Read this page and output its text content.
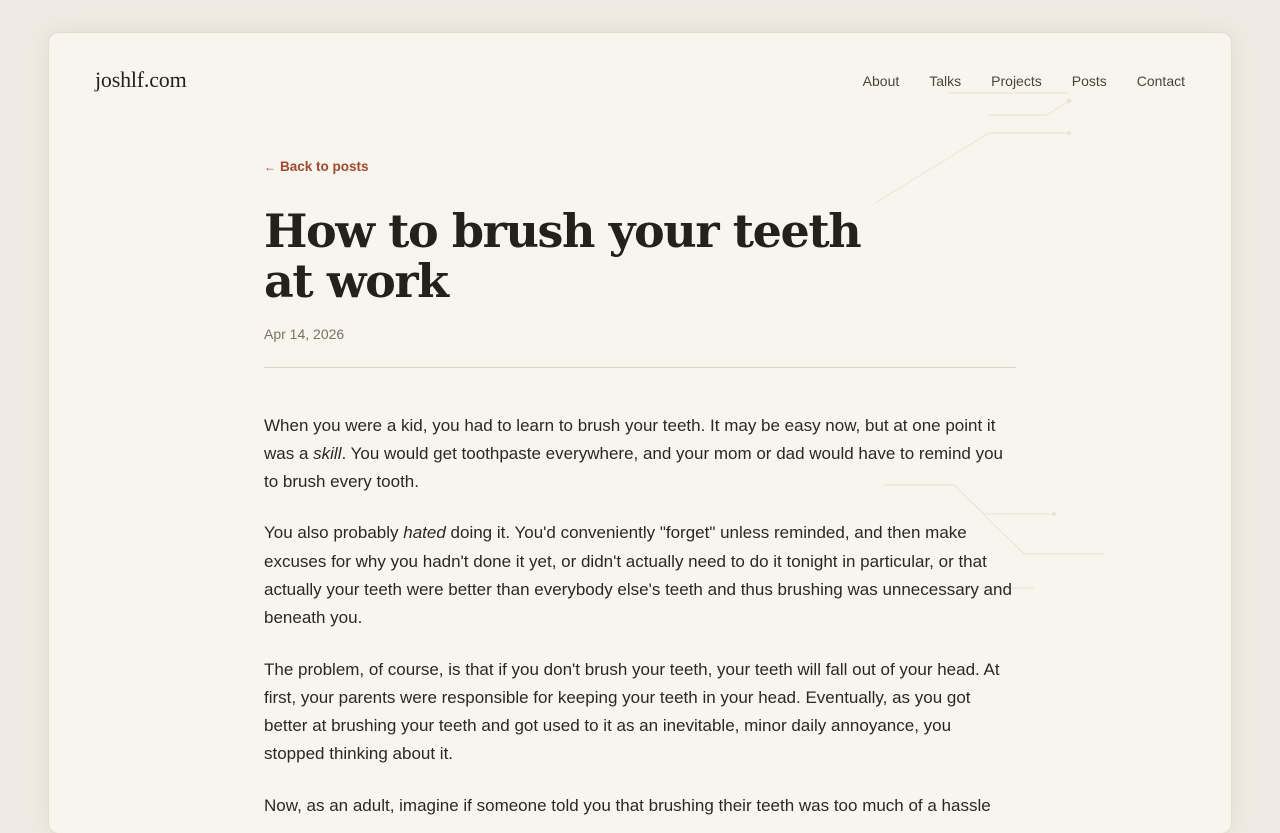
joshlf.com	About Talks Projects Posts Contact
← Back to posts
How to brush your teeth at work
Apr 14, 2026

When you were a kid, you had to learn to brush your teeth. It may be easy now, but at one point it was a skill. You would get toothpaste everywhere, and your mom or dad would have to remind you to brush every tooth.

You also probably hated doing it. You'd conveniently "forget" unless reminded, and then make excuses for why you hadn't done it yet, or didn't actually need to do it tonight in particular, or that actually your teeth were better than everybody else's teeth and thus brushing was unnecessary and beneath you.

The problem, of course, is that if you don't brush your teeth, your teeth will fall out of your head. At first, your parents were responsible for keeping your teeth in your head. Eventually, as you got better at brushing your teeth and got used to it as an inevitable, minor daily annoyance, you stopped thinking about it.

Now, as an adult, imagine if someone told you that brushing their teeth was too much of a hassle
